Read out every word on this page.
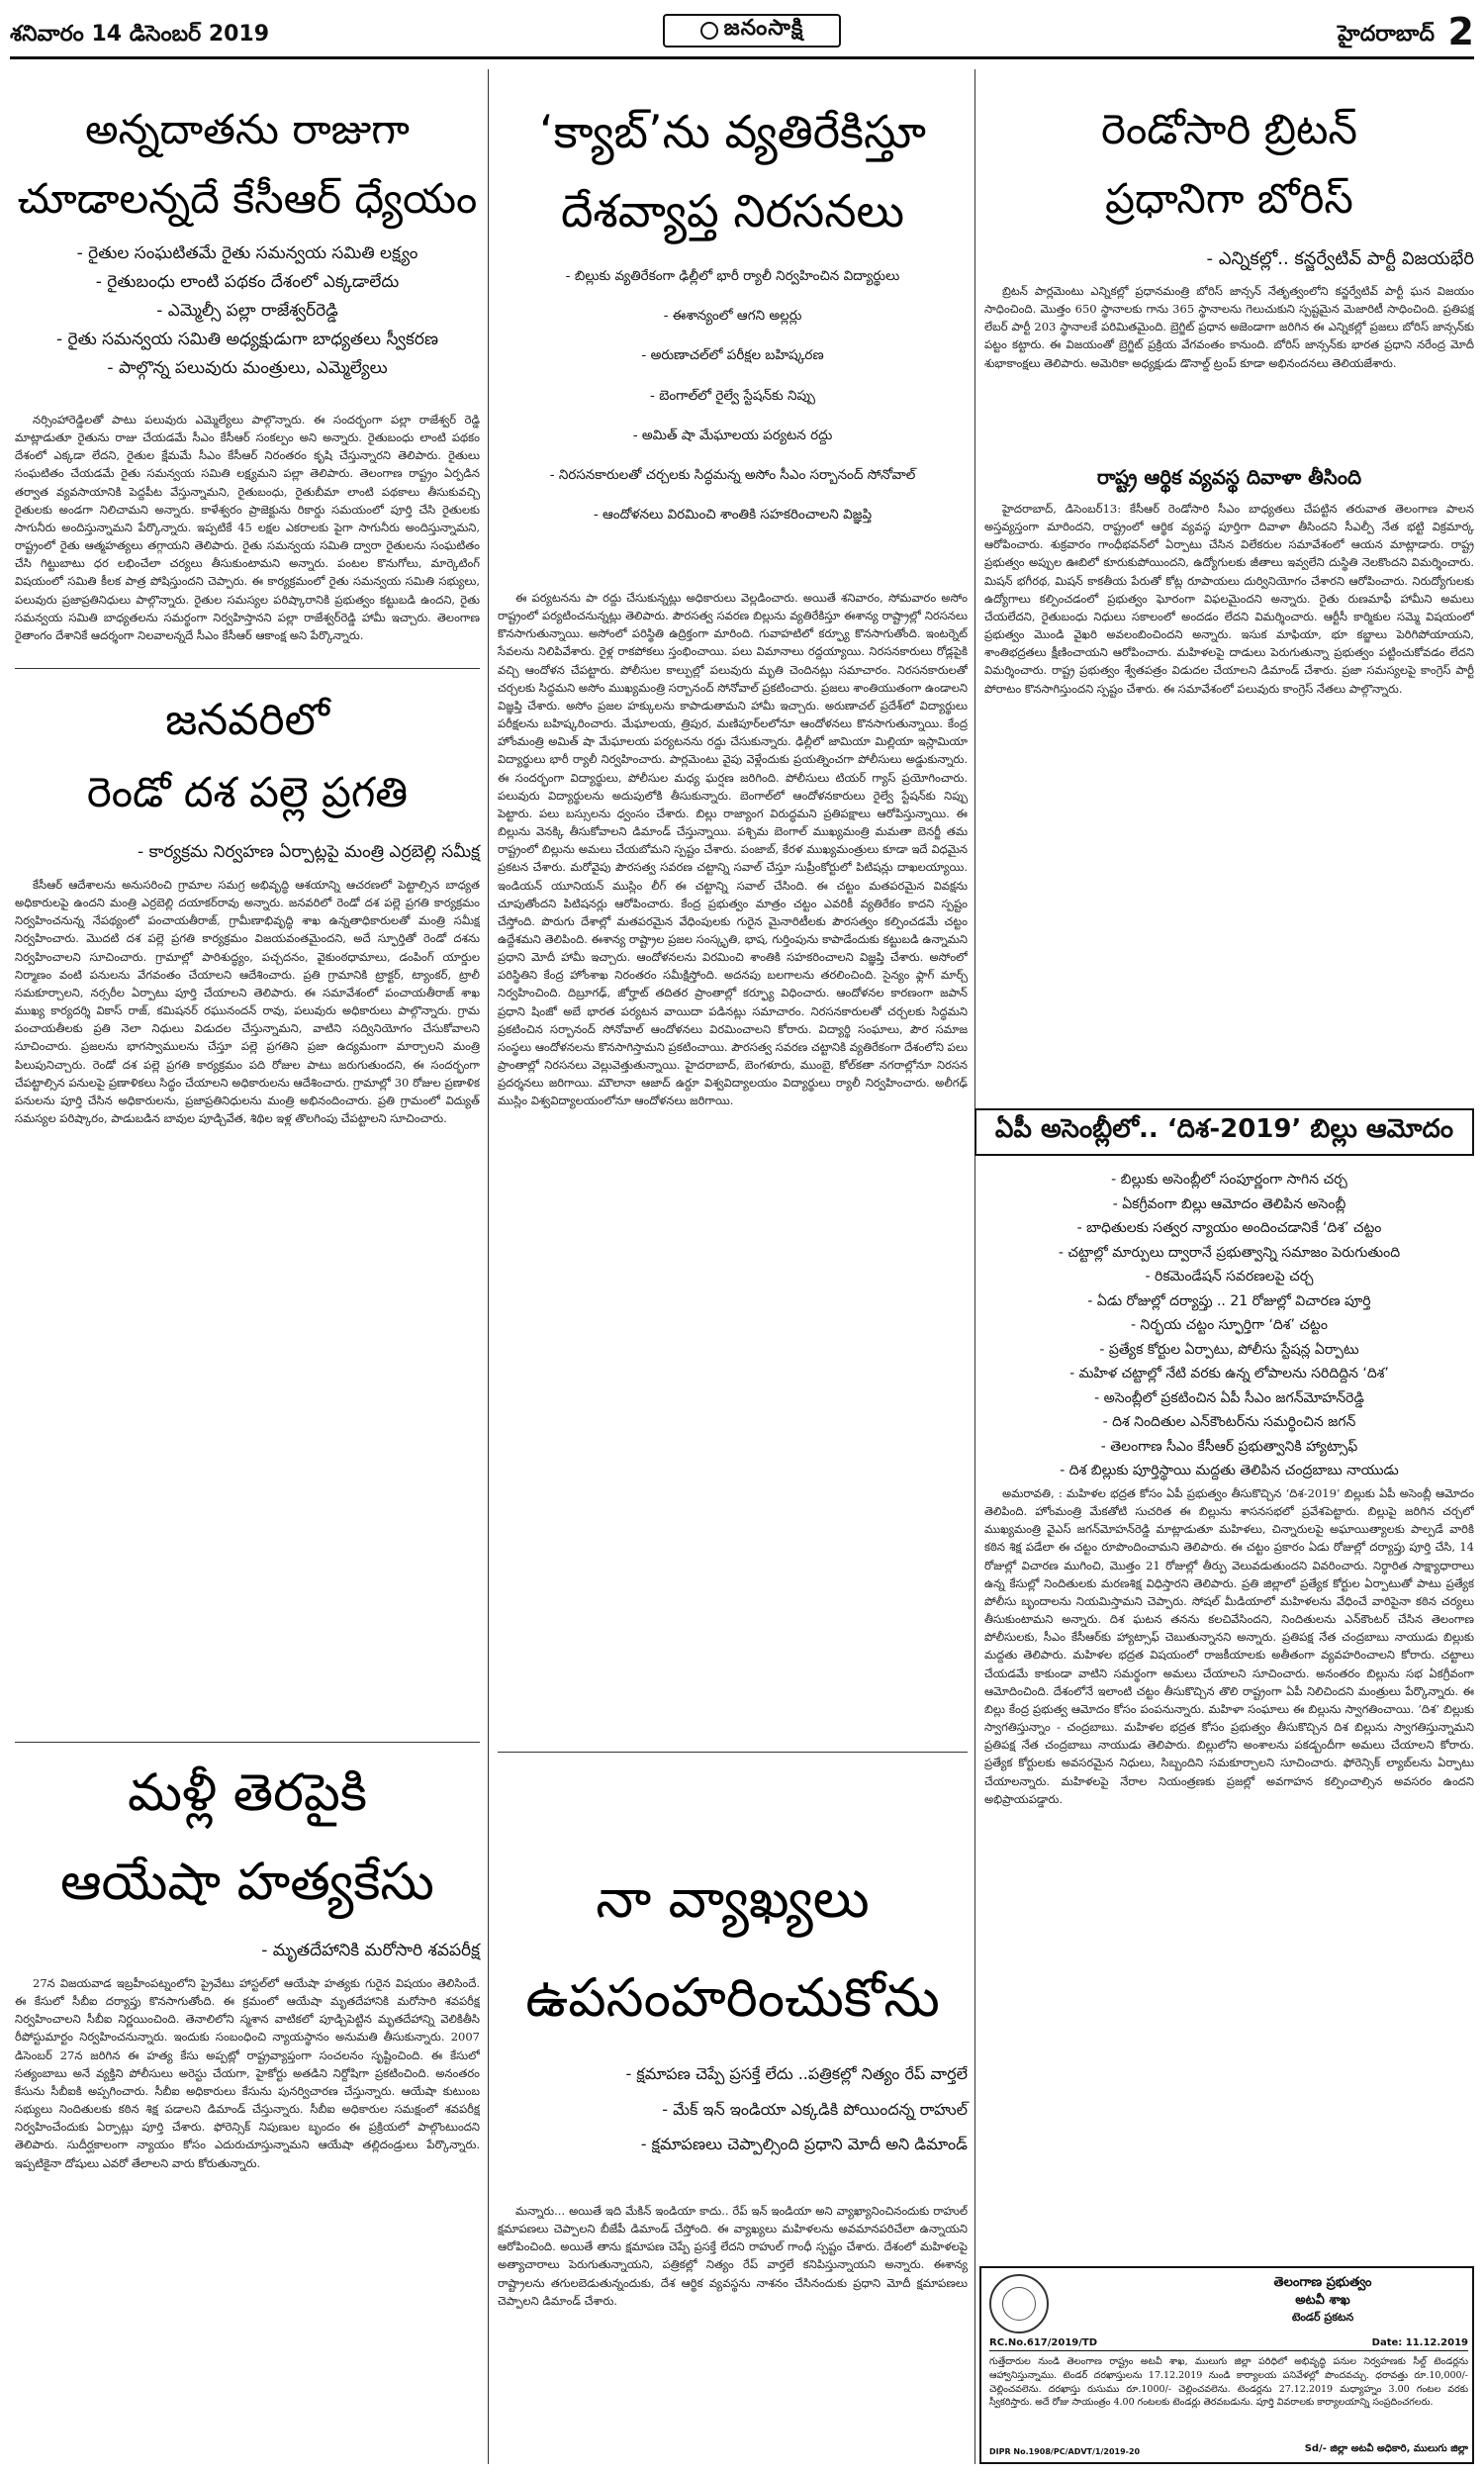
శనివారం 14 డిసెంబర్ 2019	జనంసాక్షి	హైదరాబాద్ 2
అన్నదాతను రాజుగా
చూడాలన్నదే కేసీఆర్‌ ధ్యేయం
- రైతుల సంఘటితమే రైతు సమన్వయ సమితి లక్ష్యం
- రైతుబంధు లాంటి పథకం దేశంలో ఎక్కడాలేదు
- ఎమ్మెల్సీ పల్లా రాజేశ్వర్‌రెడ్డి
- రైతు సమన్వయ సమితి అధ్యక్షుడుగా బాధ్యతలు స్వీకరణ
- పాల్గొన్న పలువురు మంత్రులు, ఎమ్మెల్యేలు

నర్సింహారెడ్డిలతో పాటు పలువురు ఎమ్మెల్యేలు పాల్గొన్నారు. ఈ సందర్భంగా పల్లా రాజేశ్వర్‌ రెడ్డి మాట్లాడుతూ రైతును రాజు చేయడమే సీఎం కేసీఆర్‌ సంకల్పం అని అన్నారు. రైతుబంధు లాంటి పథకం దేశంలో ఎక్కడా లేదని, రైతుల క్షేమమే సీఎం కేసీఆర్‌ నిరంతరం కృషి చేస్తున్నారని తెలిపారు. రైతులు సంఘటితం చేయడమే రైతు సమన్వయ సమితి లక్ష్యమని పల్లా తెలిపారు. తెలంగాణ రాష్ట్రం ఏర్పడిన తర్వాత వ్యవసాయానికి పెద్దపీట వేస్తున్నామని, రైతుబంధు, రైతుబీమా లాంటి పథకాలు తీసుకువచ్చి రైతులకు అండగా నిలిచామని అన్నారు. కాళేశ్వరం ప్రాజెక్టును రికార్డు సమయంలో పూర్తి చేసి రైతులకు సాగునీరు అందిస్తున్నామని పేర్కొన్నారు. ఇప్పటికే 45 లక్షల ఎకరాలకు పైగా సాగునీరు అందిస్తున్నామని, రాష్ట్రంలో రైతు ఆత్మహత్యలు తగ్గాయని తెలిపారు. రైతు సమన్వయ సమితి ద్వారా రైతులను సంఘటితం చేసి గిట్టుబాటు ధర లభించేలా చర్యలు తీసుకుంటామని అన్నారు. పంటల కొనుగోలు, మార్కెటింగ్‌ విషయంలో సమితి కీలక పాత్ర పోషిస్తుందని చెప్పారు. ఈ కార్యక్రమంలో రైతు సమన్వయ సమితి సభ్యులు, పలువురు ప్రజాప్రతినిధులు పాల్గొన్నారు. రైతుల సమస్యల పరిష్కారానికి ప్రభుత్వం కట్టుబడి ఉందని, రైతు సమన్వయ సమితి బాధ్యతలను సమర్థంగా నిర్వహిస్తానని పల్లా రాజేశ్వర్‌రెడ్డి హామీ ఇచ్చారు. తెలంగాణ రైతాంగం దేశానికే ఆదర్శంగా నిలవాలన్నదే సీఎం కేసీఆర్‌ ఆకాంక్ష అని పేర్కొన్నారు.

జనవరిలో
రెండో దశ పల్లె ప్రగతి
- కార్యక్రమ నిర్వహణ ఏర్పాట్లపై మంత్రి ఎర్రబెల్లి సమీక్ష

కేసీఆర్‌ ఆదేశాలను అనుసరించి గ్రామాల సమగ్ర అభివృద్ధి ఆశయాన్ని ఆచరణలో పెట్టాల్సిన బాధ్యత అధికారులపై ఉందని మంత్రి ఎర్రబెల్లి దయాకర్‌రావు అన్నారు. జనవరిలో రెండో దశ పల్లె ప్రగతి కార్యక్రమం నిర్వహించనున్న నేపథ్యంలో పంచాయతీరాజ్‌, గ్రామీణాభివృద్ధి శాఖ ఉన్నతాధికారులతో మంత్రి సమీక్ష నిర్వహించారు. మొదటి దశ పల్లె ప్రగతి కార్యక్రమం విజయవంతమైందని, అదే స్ఫూర్తితో రెండో దశను నిర్వహించాలని సూచించారు. గ్రామాల్లో పారిశుద్ధ్యం, పచ్చదనం, వైకుంఠధామాలు, డంపింగ్‌ యార్డుల నిర్మాణం వంటి పనులను వేగవంతం చేయాలని ఆదేశించారు. ప్రతి గ్రామానికి ట్రాక్టర్‌, ట్యాంకర్‌, ట్రాలీ సమకూర్చాలని, నర్సరీల ఏర్పాటు పూర్తి చేయాలని తెలిపారు. ఈ సమావేశంలో పంచాయతీరాజ్‌ శాఖ ముఖ్య కార్యదర్శి వికాస్‌ రాజ్‌, కమిషనర్‌ రఘునందన్‌ రావు, పలువురు అధికారులు పాల్గొన్నారు. గ్రామ పంచాయతీలకు ప్రతి నెలా నిధులు విడుదల చేస్తున్నామని, వాటిని సద్వినియోగం చేసుకోవాలని సూచించారు. ప్రజలను భాగస్వాములను చేస్తూ పల్లె ప్రగతిని ప్రజా ఉద్యమంగా మార్చాలని మంత్రి పిలుపునిచ్చారు. రెండో దశ పల్లె ప్రగతి కార్యక్రమం పది రోజుల పాటు జరుగుతుందని, ఈ సందర్భంగా చేపట్టాల్సిన పనులపై ప్రణాళికలు సిద్ధం చేయాలని అధికారులను ఆదేశించారు. గ్రామాల్లో 30 రోజుల ప్రణాళిక పనులను పూర్తి చేసిన అధికారులను, ప్రజాప్రతినిధులను మంత్రి అభినందించారు. ప్రతి గ్రామంలో విద్యుత్‌ సమస్యల పరిష్కారం, పాడుబడిన బావుల పూడ్చివేత, శిథిల ఇళ్ల తొలగింపు చేపట్టాలని సూచించారు.

మళ్లీ తెరపైకి
ఆయేషా హత్యకేసు
- మృతదేహానికి మరోసారి శవపరీక్ష

27న విజయవాడ ఇబ్రహీంపట్నంలోని ప్రైవేటు హాస్టల్‌లో ఆయేషా హత్యకు గురైన విషయం తెలిసిందే. ఈ కేసులో సీబీఐ దర్యాప్తు కొనసాగుతోంది. ఈ క్రమంలో ఆయేషా మృతదేహానికి మరోసారి శవపరీక్ష నిర్వహించాలని సీబీఐ నిర్ణయించింది. తెనాలిలోని స్మశాన వాటికలో పూడ్చిపెట్టిన మృతదేహాన్ని వెలికితీసి రీపోస్టుమార్టం నిర్వహించనున్నారు. ఇందుకు సంబంధించి న్యాయస్థానం అనుమతి తీసుకున్నారు. 2007 డిసెంబర్‌ 27న జరిగిన ఈ హత్య కేసు అప్పట్లో రాష్ట్రవ్యాప్తంగా సంచలనం సృష్టించింది. ఈ కేసులో సత్యంబాబు అనే వ్యక్తిని పోలీసులు అరెస్టు చేయగా, హైకోర్టు అతడిని నిర్దోషిగా ప్రకటించింది. అనంతరం కేసును సీబీఐకి అప్పగించారు. సీబీఐ అధికారులు కేసును పునర్విచారణ చేస్తున్నారు. ఆయేషా కుటుంబ సభ్యులు నిందితులకు కఠిన శిక్ష పడాలని డిమాండ్‌ చేస్తున్నారు. సీబీఐ అధికారుల సమక్షంలో శవపరీక్ష నిర్వహించేందుకు ఏర్పాట్లు పూర్తి చేశారు. ఫోరెన్సిక్‌ నిపుణుల బృందం ఈ ప్రక్రియలో పాల్గొంటుందని తెలిపారు. సుదీర్ఘకాలంగా న్యాయం కోసం ఎదురుచూస్తున్నామని ఆయేషా తల్లిదండ్రులు పేర్కొన్నారు. ఇప్పటికైనా దోషులు ఎవరో తేలాలని వారు కోరుతున్నారు.

‘క్యాబ్‌’ను వ్యతిరేకిస్తూ
దేశవ్యాప్త నిరసనలు
- బిల్లుకు వ్యతిరేకంగా ఢిల్లీలో భారీ ర్యాలీ నిర్వహించిన విద్యార్థులు
- ఈశాన్యంలో ఆగని అల్లర్లు
- అరుణాచల్‌లో పరీక్షల బహిష్కరణ
- బెంగాల్‌లో రైల్వే స్టేషన్‌కు నిప్పు
- అమిత్‌ షా మేఘాలయ పర్యటన రద్దు
- నిరసనకారులతో చర్చలకు సిద్ధమన్న అసోం సీఎం సర్బానంద్‌ సోనోవాల్‌
- ఆందోళనలు విరమించి శాంతికి సహకరించాలని విజ్ఞప్తి

ఈ పర్యటనను పా రద్దు చేసుకున్నట్లు అధికారులు వెల్లడించారు. అయితే శనివారం, సోమవారం అసోం రాష్ట్రంలో పర్యటించనున్నట్లు తెలిపారు. పౌరసత్వ సవరణ బిల్లును వ్యతిరేకిస్తూ ఈశాన్య రాష్ట్రాల్లో నిరసనలు కొనసాగుతున్నాయి. అసోంలో పరిస్థితి ఉద్రిక్తంగా మారింది. గువాహటిలో కర్ఫ్యూ కొనసాగుతోంది. ఇంటర్నెట్‌ సేవలను నిలిపివేశారు. రైళ్ల రాకపోకలు స్తంభించాయి. పలు విమానాలు రద్దయ్యాయి. నిరసనకారులు రోడ్లపైకి వచ్చి ఆందోళన చేపట్టారు. పోలీసుల కాల్పుల్లో పలువురు మృతి చెందినట్లు సమాచారం. నిరసనకారులతో చర్చలకు సిద్ధమని అసోం ముఖ్యమంత్రి సర్బానంద్‌ సోనోవాల్‌ ప్రకటించారు. ప్రజలు శాంతియుతంగా ఉండాలని విజ్ఞప్తి చేశారు. అసోం ప్రజల హక్కులను కాపాడుతామని హామీ ఇచ్చారు. అరుణాచల్‌ ప్రదేశ్‌లో విద్యార్థులు పరీక్షలను బహిష్కరించారు. మేఘాలయ, త్రిపుర, మణిపూర్‌లలోనూ ఆందోళనలు కొనసాగుతున్నాయి. కేంద్ర హోంమంత్రి అమిత్‌ షా మేఘాలయ పర్యటనను రద్దు చేసుకున్నారు. ఢిల్లీలో జామియా మిల్లియా ఇస్లామియా విద్యార్థులు భారీ ర్యాలీ నిర్వహించారు. పార్లమెంటు వైపు వెళ్లేందుకు ప్రయత్నించగా పోలీసులు అడ్డుకున్నారు. ఈ సందర్భంగా విద్యార్థులు, పోలీసుల మధ్య ఘర్షణ జరిగింది. పోలీసులు టియర్‌ గ్యాస్‌ ప్రయోగించారు. పలువురు విద్యార్థులను అదుపులోకి తీసుకున్నారు. బెంగాల్‌లో ఆందోళనకారులు రైల్వే స్టేషన్‌కు నిప్పు పెట్టారు. పలు బస్సులను ధ్వంసం చేశారు. బిల్లు రాజ్యాంగ విరుద్ధమని ప్రతిపక్షాలు ఆరోపిస్తున్నాయి. ఈ బిల్లును వెనక్కి తీసుకోవాలని డిమాండ్‌ చేస్తున్నాయి. పశ్చిమ బెంగాల్‌ ముఖ్యమంత్రి మమతా బెనర్జీ తమ రాష్ట్రంలో బిల్లును అమలు చేయబోమని స్పష్టం చేశారు. పంజాబ్‌, కేరళ ముఖ్యమంత్రులు కూడా ఇదే విధమైన ప్రకటన చేశారు. మరోవైపు పౌరసత్వ సవరణ చట్టాన్ని సవాల్‌ చేస్తూ సుప్రీంకోర్టులో పిటిషన్లు దాఖలయ్యాయి. ఇండియన్‌ యూనియన్‌ ముస్లిం లీగ్‌ ఈ చట్టాన్ని సవాల్‌ చేసింది. ఈ చట్టం మతపరమైన వివక్షను చూపుతోందని పిటిషనర్లు ఆరోపించారు. కేంద్ర ప్రభుత్వం మాత్రం చట్టం ఎవరికీ వ్యతిరేకం కాదని స్పష్టం చేస్తోంది. పొరుగు దేశాల్లో మతపరమైన వేధింపులకు గురైన మైనారిటీలకు పౌరసత్వం కల్పించడమే చట్టం ఉద్దేశమని తెలిపింది. ఈశాన్య రాష్ట్రాల ప్రజల సంస్కృతి, భాష, గుర్తింపును కాపాడేందుకు కట్టుబడి ఉన్నామని ప్రధాని మోదీ హామీ ఇచ్చారు. ఆందోళనలను విరమించి శాంతికి సహకరించాలని విజ్ఞప్తి చేశారు. అసోంలో పరిస్థితిని కేంద్ర హోంశాఖ నిరంతరం సమీక్షిస్తోంది. అదనపు బలగాలను తరలించింది. సైన్యం ఫ్లాగ్‌ మార్చ్‌ నిర్వహించింది. దిబ్రూగఢ్‌, జోర్హాట్‌ తదితర ప్రాంతాల్లో కర్ఫ్యూ విధించారు. ఆందోళనల కారణంగా జపాన్‌ ప్రధాని షింజో అబే భారత పర్యటన వాయిదా పడినట్లు సమాచారం. నిరసనకారులతో చర్చలకు సిద్ధమని ప్రకటించిన సర్బానంద్‌ సోనోవాల్‌ ఆందోళనలు విరమించాలని కోరారు. విద్యార్థి సంఘాలు, పౌర సమాజ సంస్థలు ఆందోళనలను కొనసాగిస్తామని ప్రకటించాయి. పౌరసత్వ సవరణ చట్టానికి వ్యతిరేకంగా దేశంలోని పలు ప్రాంతాల్లో నిరసనలు వెల్లువెత్తుతున్నాయి. హైదరాబాద్‌, బెంగళూరు, ముంబై, కోల్‌కతా నగరాల్లోనూ నిరసన ప్రదర్శనలు జరిగాయి. మౌలానా ఆజాద్‌ ఉర్దూ విశ్వవిద్యాలయం విద్యార్థులు ర్యాలీ నిర్వహించారు. అలీగఢ్‌ ముస్లిం విశ్వవిద్యాలయంలోనూ ఆందోళనలు జరిగాయి.

నా వ్యాఖ్యలు
ఉపసంహరించుకోను
- క్షమాపణ చెప్పే ప్రసక్తే లేదు ..పత్రికల్లో నిత్యం రేప్‌ వార్తలే
- మేక్‌ ఇన్‌ ఇండియా ఎక్కడికి పోయిందన్న రాహుల్‌
- క్షమాపణలు చెప్పాల్సింది ప్రధాని మోదీ అని డిమాండ్‌

మన్నారు... అయితే ఇది మేకిన్‌ ఇండియా కాదు.. రేప్‌ ఇన్‌ ఇండియా అని వ్యాఖ్యానించినందుకు రాహుల్‌ క్షమాపణలు చెప్పాలని బీజేపీ డిమాండ్‌ చేస్తోంది. ఈ వ్యాఖ్యలు మహిళలను అవమానపరిచేలా ఉన్నాయని ఆరోపించింది. అయితే తాను క్షమాపణ చెప్పే ప్రసక్తే లేదని రాహుల్‌ గాంధీ స్పష్టం చేశారు. దేశంలో మహిళలపై అత్యాచారాలు పెరుగుతున్నాయని, పత్రికల్లో నిత్యం రేప్‌ వార్తలే కనిపిస్తున్నాయని అన్నారు. ఈశాన్య రాష్ట్రాలను తగులబెడుతున్నందుకు, దేశ ఆర్థిక వ్యవస్థను నాశనం చేసినందుకు ప్రధాని మోదీ క్షమాపణలు చెప్పాలని డిమాండ్‌ చేశారు.

రెండోసారి బ్రిటన్‌
ప్రధానిగా బోరిస్‌
- ఎన్నికల్లో.. కన్జర్వేటివ్‌ పార్టీ విజయభేరి

బ్రిటన్‌ పార్లమెంటు ఎన్నికల్లో ప్రధానమంత్రి బోరిస్‌ జాన్సన్‌ నేతృత్వంలోని కన్జర్వేటివ్‌ పార్టీ ఘన విజయం సాధించింది. మొత్తం 650 స్థానాలకు గాను 365 స్థానాలను గెలుచుకుని స్పష్టమైన మెజారిటీ సాధించింది. ప్రతిపక్ష లేబర్‌ పార్టీ 203 స్థానాలకే పరిమితమైంది. బ్రెగ్జిట్‌ ప్రధాన అజెండాగా జరిగిన ఈ ఎన్నికల్లో ప్రజలు బోరిస్‌ జాన్సన్‌కు పట్టం కట్టారు. ఈ విజయంతో బ్రెగ్జిట్‌ ప్రక్రియ వేగవంతం కానుంది. బోరిస్‌ జాన్సన్‌కు భారత ప్రధాని నరేంద్ర మోదీ శుభాకాంక్షలు తెలిపారు. అమెరికా అధ్యక్షుడు డొనాల్డ్‌ ట్రంప్‌ కూడా అభినందనలు తెలియజేశారు.

రాష్ట్ర ఆర్థిక వ్యవస్థ దివాళా తీసింది

హైదరాబాద్‌, డిసెంబర్‌13: కేసీఆర్‌ రెండోసారి సీఎం బాధ్యతలు చేపట్టిన తరువాత తెలంగాణ పాలన అస్తవ్యస్తంగా మారిందని, రాష్ట్రంలో ఆర్థిక వ్యవస్థ పూర్తిగా దివాళా తీసిందని సీఎల్పీ నేత భట్టి విక్రమార్క ఆరోపించారు. శుక్రవారం గాంధీభవన్‌లో ఏర్పాటు చేసిన విలేకరుల సమావేశంలో ఆయన మాట్లాడారు. రాష్ట్ర ప్రభుత్వం అప్పుల ఊబిలో కూరుకుపోయిందని, ఉద్యోగులకు జీతాలు ఇవ్వలేని దుస్థితి నెలకొందని విమర్శించారు. మిషన్‌ భగీరథ, మిషన్‌ కాకతీయ పేరుతో కోట్ల రూపాయలు దుర్వినియోగం చేశారని ఆరోపించారు. నిరుద్యోగులకు ఉద్యోగాలు కల్పించడంలో ప్రభుత్వం ఘోరంగా విఫలమైందని అన్నారు. రైతు రుణమాఫీ హామీని అమలు చేయలేదని, రైతుబంధు నిధులు సకాలంలో అందడం లేదని విమర్శించారు. ఆర్టీసీ కార్మికుల సమ్మె విషయంలో ప్రభుత్వం మొండి వైఖరి అవలంబించిందని అన్నారు. ఇసుక మాఫియా, భూ కబ్జాలు పెరిగిపోయాయని, శాంతిభద్రతలు క్షీణించాయని ఆరోపించారు. మహిళలపై దాడులు పెరుగుతున్నా ప్రభుత్వం పట్టించుకోవడం లేదని విమర్శించారు. రాష్ట్ర ప్రభుత్వం శ్వేతపత్రం విడుదల చేయాలని డిమాండ్‌ చేశారు. ప్రజా సమస్యలపై కాంగ్రెస్‌ పార్టీ పోరాటం కొనసాగిస్తుందని స్పష్టం చేశారు. ఈ సమావేశంలో పలువురు కాంగ్రెస్‌ నేతలు పాల్గొన్నారు.

ఏపీ అసెంబ్లీలో.. ‘దిశ-2019’ బిల్లు ఆమోదం
- బిల్లుకు అసెంబ్లీలో సంపూర్ణంగా సాగిన చర్చ
- ఏకగ్రీవంగా బిల్లు ఆమోదం తెలిపిన అసెంబ్లీ
- బాధితులకు సత్వర న్యాయం అందించడానికే ‘దిశ’ చట్టం
- చట్టాల్లో మార్పులు ద్వారానే ప్రభుత్వాన్ని సమాజం పెరుగుతుంది
- రికమెండేషన్‌ సవరణలపై చర్చ
- ఏడు రోజుల్లో దర్యాప్తు .. 21 రోజుల్లో విచారణ పూర్తి
- నిర్భయ చట్టం స్ఫూర్తిగా ‘దిశ’ చట్టం
- ప్రత్యేక కోర్టుల ఏర్పాటు, పోలీసు స్టేషన్ల ఏర్పాటు
- మహిళ చట్టాల్లో నేటి వరకు ఉన్న లోపాలను సరిదిద్దిన ‘దిశ’
- అసెంబ్లీలో ప్రకటించిన ఏపీ సీఎం జగన్‌మోహన్‌రెడ్డి
- దిశ నిందితుల ఎన్‌కౌంటర్‌ను సమర్థించిన జగన్‌
- తెలంగాణ సీఎం కేసీఆర్‌ ప్రభుత్వానికి హ్యాట్సాఫ్‌
- దిశ బిల్లుకు పూర్తిస్థాయి మద్దతు తెలిపిన చంద్రబాబు నాయుడు

అమరావతి, : మహిళల భద్రత కోసం ఏపీ ప్రభుత్వం తీసుకొచ్చిన ‘దిశ-2019’ బిల్లుకు ఏపీ అసెంబ్లీ ఆమోదం తెలిపింది. హోంమంత్రి మేకతోటి సుచరిత ఈ బిల్లును శాసనసభలో ప్రవేశపెట్టారు. బిల్లుపై జరిగిన చర్చలో ముఖ్యమంత్రి వైఎస్‌ జగన్‌మోహన్‌రెడ్డి మాట్లాడుతూ మహిళలు, చిన్నారులపై అఘాయిత్యాలకు పాల్పడే వారికి కఠిన శిక్ష పడేలా ఈ చట్టం రూపొందించామని తెలిపారు. ఈ చట్టం ప్రకారం ఏడు రోజుల్లో దర్యాప్తు పూర్తి చేసి, 14 రోజుల్లో విచారణ ముగించి, మొత్తం 21 రోజుల్లో తీర్పు వెలువడుతుందని వివరించారు. నిర్ధారిత సాక్ష్యాధారాలు ఉన్న కేసుల్లో నిందితులకు మరణశిక్ష విధిస్తారని తెలిపారు. ప్రతి జిల్లాలో ప్రత్యేక కోర్టుల ఏర్పాటుతో పాటు ప్రత్యేక పోలీసు బృందాలను నియమిస్తామని చెప్పారు. సోషల్‌ మీడియాలో మహిళలను వేధించే వారిపైనా కఠిన చర్యలు తీసుకుంటామని అన్నారు. దిశ ఘటన తనను కలచివేసిందని, నిందితులను ఎన్‌కౌంటర్‌ చేసిన తెలంగాణ పోలీసులకు, సీఎం కేసీఆర్‌కు హ్యాట్సాఫ్‌ చెబుతున్నానని అన్నారు. ప్రతిపక్ష నేత చంద్రబాబు నాయుడు బిల్లుకు మద్దతు తెలిపారు. మహిళల భద్రత విషయంలో రాజకీయాలకు అతీతంగా వ్యవహరించాలని కోరారు. చట్టాలు చేయడమే కాకుండా వాటిని సమర్థంగా అమలు చేయాలని సూచించారు. అనంతరం బిల్లును సభ ఏకగ్రీవంగా ఆమోదించింది. దేశంలోనే ఇలాంటి చట్టం తీసుకొచ్చిన తొలి రాష్ట్రంగా ఏపీ నిలిచిందని మంత్రులు పేర్కొన్నారు. ఈ బిల్లు కేంద్ర ప్రభుత్వ ఆమోదం కోసం పంపనున్నారు. మహిళా సంఘాలు ఈ బిల్లును స్వాగతించాయి. ‘దిశ’ బిల్లుకు స్వాగతిస్తున్నాం - చంద్రబాబు. మహిళల భద్రత కోసం ప్రభుత్వం తీసుకొచ్చిన దిశ బిల్లును స్వాగతిస్తున్నామని ప్రతిపక్ష నేత చంద్రబాబు నాయుడు తెలిపారు. బిల్లులోని అంశాలను పకడ్బందీగా అమలు చేయాలని కోరారు. ప్రత్యేక కోర్టులకు అవసరమైన నిధులు, సిబ్బందిని సమకూర్చాలని సూచించారు. ఫోరెన్సిక్‌ ల్యాబ్‌లను ఏర్పాటు చేయాలన్నారు. మహిళలపై నేరాల నియంత్రణకు ప్రజల్లో అవగాహన కల్పించాల్సిన అవసరం ఉందని అభిప్రాయపడ్డారు.

తెలంగాణ ప్రభుత్వం
అటవీ శాఖ
టెండర్‌ ప్రకటన
RC.No.617/2019/TD	Date: 11.12.2019
గుత్తేదారుల నుండి తెలంగాణ రాష్ట్రం అటవీ శాఖ, ములుగు జిల్లా పరిధిలో అభివృద్ధి పనుల నిర్వహణకు సీల్డ్‌ టెండర్లను ఆహ్వానిస్తున్నాము. టెండర్‌ దరఖాస్తులను 17.12.2019 నుండి కార్యాలయ పనివేళల్లో పొందవచ్చు. ధరావత్తు రూ.10,000/- చెల్లించవలెను. దరఖాస్తు రుసుము రూ.1000/- చెల్లించవలెను. టెండర్లను 27.12.2019 మధ్యాహ్నం 3.00 గంటల వరకు స్వీకరిస్తారు. అదే రోజు సాయంత్రం 4.00 గంటలకు టెండర్లు తెరవబడును. పూర్తి వివరాలకు కార్యాలయాన్ని సంప్రదించగలరు.
DIPR No.1908/PC/ADVT/1/2019-20	Sd/- జిల్లా అటవీ అధికారి, ములుగు జిల్లా
